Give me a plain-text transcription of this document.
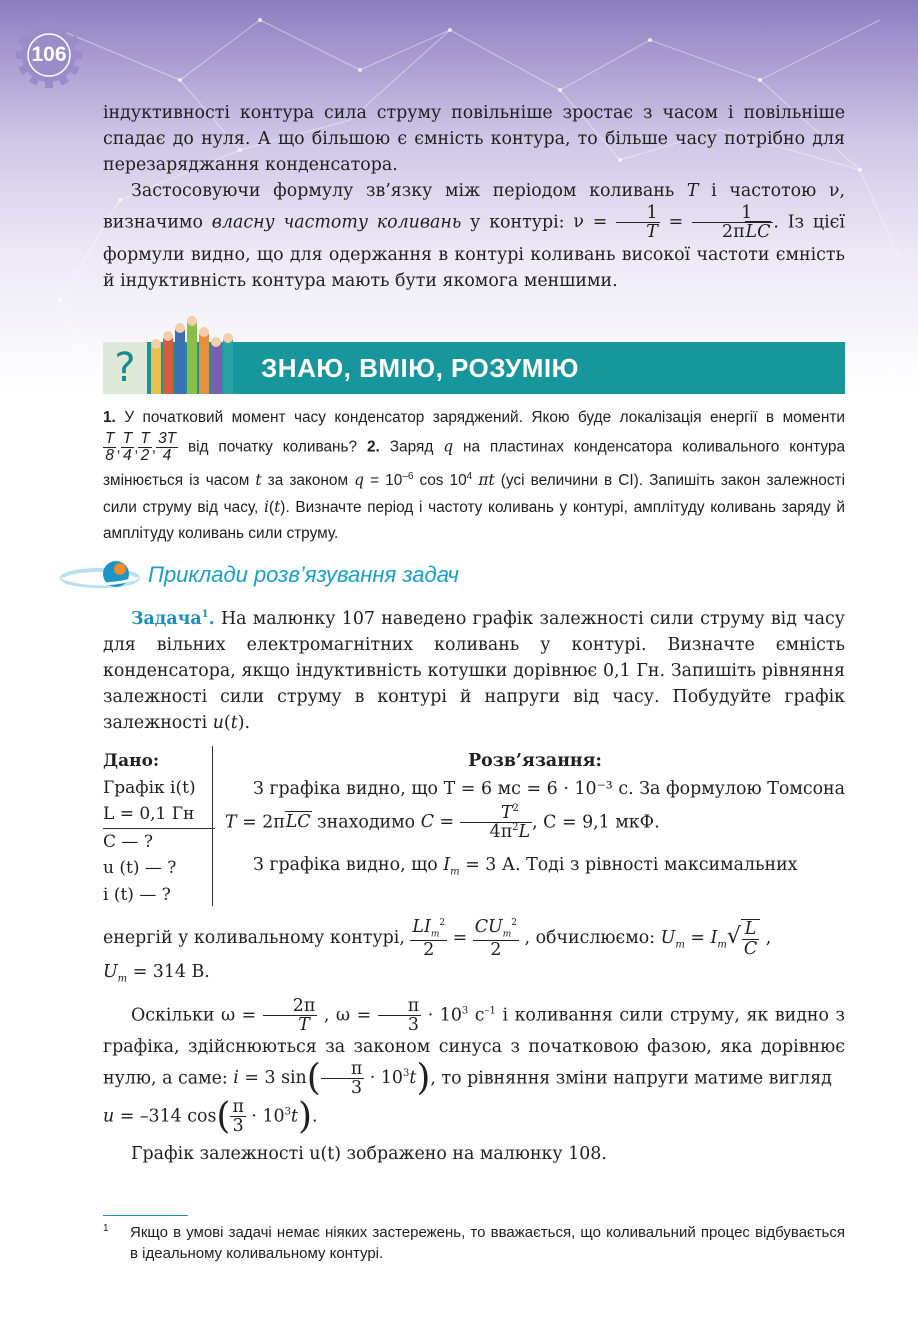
106

індуктивності контура сила струму повільніше зростає з часом і повільніше спадає до нуля. А що більшою є ємність контура, то більше часу потрібно для перезаряджання конденсатора.

Застосовуючи формулу зв’язку між періодом коливань T і частотою ν, визначимо власну частоту коливань у контурі: $\nu = \frac{1}{T} = \frac{1}{\text{2πLC}}$ . Із цієї формули видно, що для одержання в контурі коливань високої частоти ємність й індуктивність контура мають бути якомога меншими.

?	ЗНАЮ, ВМІЮ, РОЗУМІЮ
1. У початковий момент часу конденсатор заряджений. Якою буде локалізація енергії в моменти
$\frac{T}{8}$ , $\frac{T}{4}$ , $\frac{T}{2}$ , $\frac{3T}{4}$ від початку коливань? 2. Заряд q на пластинах конденсатора коливального контура змінюється із часом t за законом $q = 10^{-6}$ $\cos 10^4$ πt (усі величини в СІ). Запишіть закон залежності сили струму від часу, i(t). Визначте період і частоту коливань у контурі, амплітуду коливань заряду й амплітуду коливань сили струму.
Приклади розв’язування задач

Задача$^1$. На малюнку 107 наведено графік залежності сили струму від часу для вільних електромагнітних коливань у контурі. Визначте ємність конденсатора, якщо індуктивність котушки дорівнює 0,1 Гн. Запишіть рівняння залежності сили струму в контурі й напруги від часу. Побудуйте графік залежності u(t).

Дано:
Графік i(t)
L = 0,1 Гн
C — ?
u (t) — ?
i (t) — ?
Розв’язання:
З графіка видно, що T = 6 мс = 6 · 10⁻³ с. За формулою Томсона T = 2πLC знаходимо $C = \frac{T^2}{4\pi^2L}$ , C = 9,1 мкФ.
З графіка видно, що $I_m = 3$ А. Тоді з рівності максимальних

енергій у коливальному контурі, $\frac{LI_m^2}{2} = \frac{CU_m^2}{2}$ , обчислюємо: $U_m = I_m√ \frac{L}{C}$ ,

$U_m = 314$ В.

Оскільки $\omega = \frac{2\pi}{T}$ , $\omega = \frac{\pi}{3} \cdot 10^3$ $с^{-1}$ і коливання сили струму, як видно з графіка, здійснюються за законом синуса з початковою фазою, яка дорівнює нулю, а саме: i = 3 $\sin( \frac{\pi}{3} \cdot 10^3t)$, то рівняння зміни напруги матиме вигляд

u = –314 $\cos( \frac{\pi}{3} \cdot 10^3t)$.

Графік залежності u(t) зображено на малюнку 108.

1 Якщо в умові задачі немає ніяких застережень, то вважається, що коливальний процес відбувається в ідеальному коливальному контурі.
